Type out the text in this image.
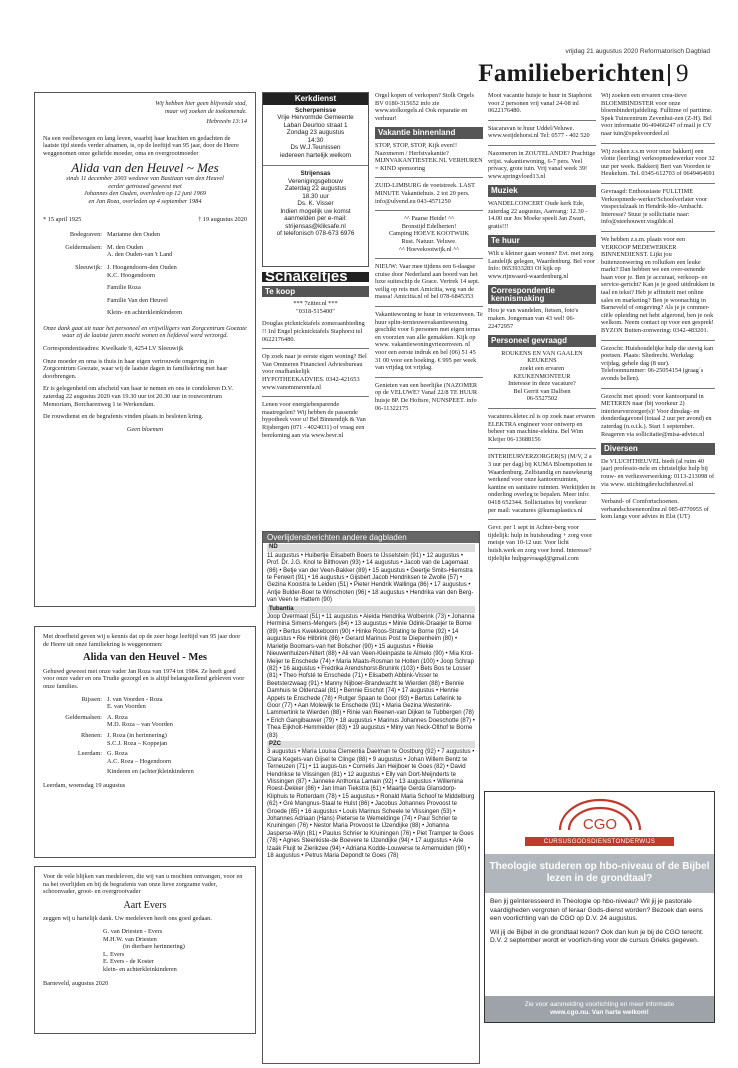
vrijdag 21 augustus 2020 Reformatorisch Dagblad
Familieberichten 9
Wij hebben hier geen blijvende stad,
maar wij zoeken de toekomende.
Hebreeën 13:14

Na een veelbewogen en lang leven, waarbij haar krachten en gedachten de laatste tijd steeds verder afnamen, is, op de leeftijd van 95 jaar, door de Heere weggenomen onze geliefde moeder, oma en overgrootmoeder

Alida van den Heuvel ~ Mes
sinds 11 december 2003 weduwe van Bastiaan van den Heuvel
eerder getrouwd geweest met
Johannes den Ouden, overleden op 12 juni 1969
en Jan Roza, overleden op 4 september 1984
* 15 april 1925	† 19 augustus 2020
Bodegraven: Marianne den Ouden
Geldermalsen: M. den Ouden
A. den Ouden-van 't Land
Sleeuwijk: J. Hoogendoorn-den Ouden
K.C. Hoogendoorn
Familie Roza
Familie Van den Heuvel
Klein- en achterkleinkinderen

Onze dank gaat uit naar het personeel en vrijwilligers van Zorgcentrum Goezate waar zij de laatste jaren mocht wonen en liefdevol werd verzorgd.

Correspondentieadres: Kwelkade 9, 4254 LV Sleeuwijk

Onze moeder en oma is thuis in haar eigen vertrouwde omgeving in Zorgcentrum Goezate, waar wij de laatste dagen in familiekring met haar doorbrengen.

Er is gelegenheid om afscheid van haar te nemen en ons te condoleren D.V. zaterdag 22 augustus 2020 van 19.30 uur tot 20.30 uur in rouwcentrum Memoriam, Borcharenweg 1 te Werkendam.

De rouwdienst en de begrafenis vinden plaats in besloten kring.

Geen bloemen

Met droefheid geven wij u kennis dat op de zeer hoge leeftijd van 95 jaar door de Heere uit onze familiekring is weggenomen:

Alida van den Heuvel - Mes

Gehuwd geweest met onze vader Jan Roza van 1974 tot 1984. Ze heeft goed voor onze vader en ons Trudie gezorgd en is altijd belangstellend gebleven voor onze families.

Rijssen: J. van Voorden - Roza
E. van Voorden
Geldermalsen: A. Roza
M.D. Roza – van Voorden
Rhenen: J. Roza (in herinnering)
S.C.J. Roza – Koppejan
Leerdam: G. Roza
A.C. Roza – Hogendoorn
Kinderen en (achter)kleinkinderen
Leerdam, woensdag 19 augustus

Voor de vele blijken van medeleven, die wij van u mochten ontvangen, voor en na het overlijden en bij de begrafenis van onze lieve zorgzame vader, schoonvader, groot- en overgrootvader

Aart Evers

zeggen wij u hartelijk dank. Uw medeleven heeft ons goed gedaan.

G. van Driesten - Evers
M.H.W. van Driesten
(in dierbare herinnering)
L. Evers
E. Evers - de Koster
klein- en achterkleinkinderen
Barneveld, augustus 2020
Kerkdienst
Scherpenisse
Vrije Hervormde Gemeente
Laban Deurloo straat 1
Zondag 23 augustus
14:30
Ds W.J.Teunissen
iedereen hartelijk welkom
Strijensas
Verenigingsgebouw
Zaterdag 22 augustus
18.30 uur
Ds. K. Visser
Indien mogelijk uw komst
aanmelden per e-mail:
strijensas@kliksafe.nl
of telefonisch 078-673 6976
Schakeltjes
Te koop
*** 7zitter.nl ***
"0318-515400"

Douglas picknicktafels zomeraanbieding !! 1nl Engel picknicktafels Staphorst tel 0622176480.

Op zoek naar je eerste eigen woning? Bel Van Ommeren Financieel Adviesbureau voor onafhankelijk HYPOTHEEKADVIES. 0342-421653 www.vanommerenfa.nl

Lenen voor energiebesparende maatregelen? Wij hebben de passende hypotheek voor u! Bel Binnendijk & Van Rijsbergen (071 - 4024031) of vraag een berekening aan via www.bevr.nl

Orgel kopen of verkopen? Stolk Orgels BV 0180-315652 info zie www.stolkorgels.nl Ook reparatie en verhuur!

Vakantie binnenland

STOP, STOP, STOP, Kijk even!! Nazomeren / Herfstvakantie? MIJNVAKANTIESTEK.NL VERHUREN = KIND sponsoring

ZUID-LIMBURG de voetstreek. LAST MINUTE Vakantiehuis. 2 tot 20 pers. info@ulvend.eu 043-4571250

^^ Paarse Heide! ^^
Bronstijd Edelherten!
Camping HOEVE KOOTWIJK
Rust. Natuur. Veluwe.
^^ Hoevekootwijk.nl ^^

NIEUW: Vaar mee tijdens een 6-daagse cruise door Nederland aan boord van het luxe suiteschip de Grace. Vertrek 14 sept. veilig op reis met Amicitia, weg van de massa! Amicitia.nl of bel 078-6845353

Vakantiewoning te huur in vriezenveen. Te huur splin-ternieuwevakantiewoning geschikt voor 6 personen met eigen terras en voorzien van alle gemakken. Kijk op www. vakantiewoningvriezenveen. nl voor een eerste indruk en bel (06) 51 45 31 00 voor een boeking. € 995 per week van vrijdag tot vrijdag.

Genieten van een heerlijke (NAZOMER op de VELUWE? Vanaf 22/8 TE HUUR huisje 8P. De Hoftsre, NUNSPEET. info 06-11322175

Mooi vacantie huisje te huur in Staphorst voor 2 personen vrij vanaf 24-08 inl 0622176480.

Stacaravan te huur Uddel/Veluwe. www.weijdehorst.nl Tel: 0577 - 402 520

Nazomeren in ZOUTELANDE? Prachtige vrijst. vakantiewoning, 6-7 pers. Veel privacy, grote tuin. Vrij vanaf week 39! www.springvloed13.nl

Muziek

WANDELCONCERT Oude kerk Ede, zaterdag 22 augustus, Aanvang: 12.30 - 14.00 uur Jos Moeke speelt Jan Zwart, gratis!!!

Te huur

Wilt u kleiner gaan wonen? Evt. met zorg. Landelijk gelegen, Waardenburg. Bel voor Info: 0653933283 Of kijk op www.rijnwaard-waardenburg.nl

Correspondentie kennismaking

Hou je van wandelen, fietsen, foto's maken. Jongeman van 43 wel! 06-22472957

Personeel gevraagd
ROUKENS EN VAN GAALEN
KEUKENS
zoekt een ervaren
KEUKENMONTEUR
Interesse in deze vacature?
Bel Gerrit van Dalfsen
06-5527502

vacatures.kletec.nl is op zoek naar ervaren ELEKTRA engineer voor ontwerp en beheer van machine-elektra. Bel Wim Kleijer 06-13688156

INTERIEURVERZORGER(S) (M/V, 2 a 3 uur per dag) bij KUMA Bloempotten te Waardenburg. Zelfstandig en nauwkeurig werkend voor onze kantoorruimten, kantine en sanitaire ruimten. Werktijden in onderling overleg te bepalen. Meer info: 0418 652344. Sollicitaties bij voorkeur per mail: vacatures @kumaplastics.nl

Gevr. per 1 sept in Achter-berg voor tijdelijk: hulp in huishouding + zorg voor meisje van 10-12 uur. Voor licht huish.werk en zorg voor hond. Interesse? tijdelijke hulpgevraagd@gmail.com

Wij zoeken een ervaren crea-tieve BLOEMBINDSTER voor onze bloembinderijafdeling. Fulltime of parttime. Spek Tuincentrum Zevenhui-zen (Z-H). Bel voor informatie 06-49466247 of mail je CV naar tuin@spekvoordeel.nl

Wij zoeken z.s.m voor onze bakkerij een vlotte (leerling) verkoopmedewerker voor 32 uur per week. Bakkerij Bert van Voorden te Heukelum. Tel. 0345-612703 of 0649464691

Gevraagd: Enthousiaste FULLTIME Verkoopmede-werker/Schoolverlater voor visspecialzaak in Hendrik-Ido-Ambacht. Interesse? Stuur je sollicitatie naar: info@steehouwer.visgilde.nl

We hebben z.s.m. plaats voor een VERKOOP MEDEWERKER BINNENDIENST. Lijkt jou buitenzonwering en rolluiken een leuke markt? Dan hebben we een over-eenende baan voor je. Ben je accuraat, verkoop- en service-gericht? Kan je je goed uitdrukken in taal en tekst? Heb je affiniteit met online sales en marketing? Ben je woonachtig in Barneveld of omgeving? Als je je commer-ciële opleiding net hebt afgerond, ben je ook welkom. Neem contact op voor een gesprek! BYZON Buiten-zonwering: 0342-483201.

Gezocht: Huishoudelijke hulp die stevig kan poetsen. Plaats: Sliedrecht. Werkdag: vrijdag, gehele dag (8 uur). Telefoonnummer: 06-25054154 (graag´s avonds bellen).

Gezocht met spoed: voor kantoorpand in METEREN naar (bij voorkeur 2) interieurverzorger(s)! Voor dinsdag- en donderdagavond (totaal 2 uur per avond) en zaterdag (n.o.t.k.). Start 1 september. Reageren via sollicitatie@misa-advies.nl

Diversen

De VLUCHTHEUVEL biedt (al ruim 40 jaar) professio-nele en christelijke hulp bij rouw- en verliesverwerking: 0113-213098 of via www. stichtingdevluchtheuvel.nl

Verband- of Comfortschoenen. verbandschoenenonline.nl 085-8770955 of kom langs voor advies in Elst (UT)

Overlijdensberichten andere dagbladen
ND
11 augustus • Huibertje Elisabeth Boers te IJsselstein (91) • 12 augustus • Prof. Dr. J.G. Knol te Bilthoven (93) • 14 augustus • Jacob van de Lagemaat (86) • Betje van der Veen-Bakker (89) • 15 augustus • Geertje Smits-Hiemstra te Ferwert (91) • 16 augustus • Gijsbert Jacob Hendriksen te Zwolle (57) • Gezina Kooistra te Leiden (51) • Pieter Hendrik Wallinga (86) • 17 augustus • Antje Bulder-Boer te Winschoten (96) • 18 augustus • Hendrika van den Berg-van Veen te Hattem (90)
Tubantia
Joop Overmaat (51) • 11 augustus • Aleida Hendrika Wolberink (73) • Johanna Hermina Simens-Mengers (84) • 13 augustus • Minie Odink-Draaijer te Borne (89) • Bertus Kwekkeboom (90) • Hinke Roos-Strating te Borne (92) • 14 augustus • Rie Hilbrink (86) • Gerard Marinus Post te Diepenheim (80) • Marietje Boomars-van het Bolscher (90) • 15 augustus • Riekie Nieuwenhuizen-Nitert (88) • Ali van Veen-Kleinpaste te Almelo (90) • Mia Krol-Meijer te Enschede (74) • Maria Maats-Rosman te Holten (100) • Joop Schrap (82) • 16 augustus • Fredrika Arendshorst-Brunink (103) • Bets Bos te Losser (81) • Theo Hofsté te Enschede (71) • Elisabeth Abbink-Visser te Beetsterzwaag (91) • Manny Nijboer-Brandwacht te Wierden (88) • Bennie Damhuis te Oldenzaal (81) • Bennie Eischot (74) • 17 augustus • Hennie Appels te Enschede (78) • Rutger Spaan te Goor (93) • Bertus Leferink te Goor (77) • Aan Molewijk te Enschede (91) • Maria Gezina Westerink-Lammertink te Wierden (88) • Rinie van Reenen-van Dijken te Tubbergen (78) • Erich Gangibauwer (79) • 18 augustus • Marinus Johannes Doeschotte (87) • Thea Eijkholt-Hemmelder (83) • 19 augustus • Miny van Neck-Olthof te Borne (83)
PZC
3 augustus • Maria Louisa Clementia Daelman te Oostburg (92) • 7 augustus • Clara Kegels-van Gijsel te Clinge (88) • 9 augustus • Johan Willem Bentz te Terneuzen (71) • 11 augus-tus • Cornelis Jan Heijboer te Goes (82) • David Hendrikse te Vlissingen (81) • 12 augustus • Elly van Dort-Meijnderts te Vlissingen (87) • Janneke Anthonia Lamain (92) • 13 augustus • Willemina Roest-Dekker (86) • Jan Iman Tiekstra (61) • Maartje Gerda Glansdorp-Kliphuis te Rotterdam (78) • 15 augustus • Ronald Maria Schoof te Middelburg (62) • Gré Mangnus-Staal te Hulst (86) • Jacobus Johannes Provoost te Groede (85) • 16 augustus • Louis Marinus Scheele te Vlissingen (53) • Johannes Adriaan (Hans) Pieterse te Wemeldinge (74) • Paul Schrier te Kruiningen (76) • Nestor Maria Provoost te IJzendijke (88) • Johanna Jasperse-Wijn (81) • Paulus Schrier te Kruiningen (76) • Piet Tramper te Goes (78) • Agnes Steenkiste-de Boevere te IJzendijke (94) • 17 augustus • Arie Izaäk Fluijt te Zierikzee (94) • Adriana Kodde-Louwerse te Arnemuiden (90) • 18 augustus • Petrus Maria Depondt te Goes (78)
CGO
CURSUSGODSDIENSTONDERWIJS
Theologie studeren op hbo-niveau of de Bijbel lezen in de grondtaal?
Ben jij geïnteresseerd in Theologie op hbo-niveau? Wil jij je pastorale vaardigheden vergroten of leraar Gods-dienst worden? Bezoek dan eens een voorlichting van de CGO op D.V. 24 augustus.
Wil jij de Bijbel in de grondtaal lezen? Ook dan kun je bij de CGO terecht. D.V. 2 september wordt er voorlich-ting voor de cursus Grieks gegeven.
Zie voor aanmelding voorlichting en meer informatie
www.cgo.nu. Van harte welkom!
